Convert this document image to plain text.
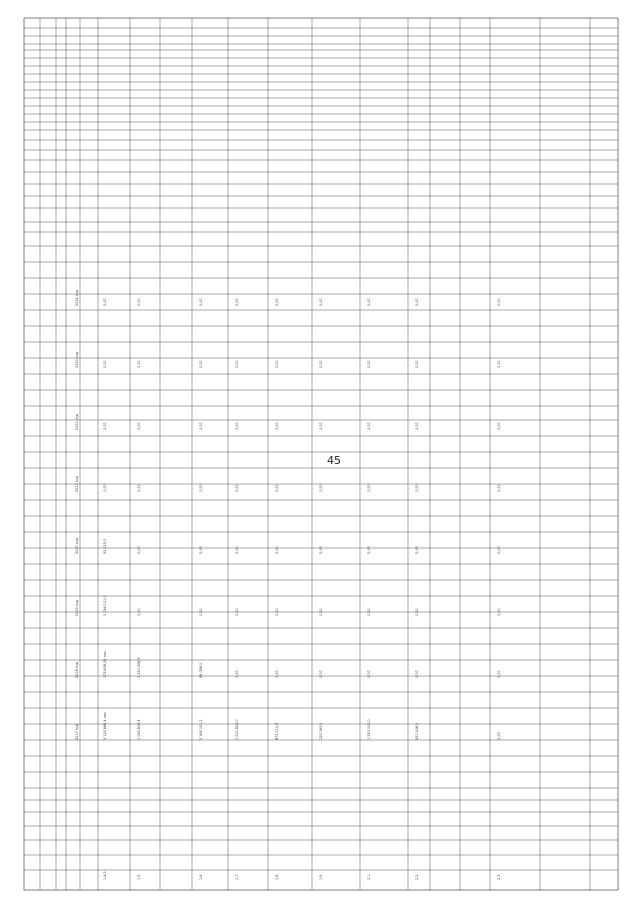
45
1.4.2
3 125 888,4 тыс.
173 808,35 тыс.
2 156 101,0
52 125,0
0,00
0,00
0,00
0,00
1.5
1 025 808,4
1 250 308,5
0,00
0,00
0,00
0,00
0,00
0,00
1.6
2 185 001,2
45 088,0
0,00
0,00
0,00
0,00
0,00
0,00
1.7
1 022 804,0
0,00
0,00
0,00
0,00
0,00
0,00
0,00
1.8
875 112,5
0,00
0,00
0,00
0,00
0,00
0,00
0,00
1.9
125 080,0
0,00
0,00
0,00
0,00
0,00
0,00
0,00
2.1
1 250 000,0
0,00
0,00
0,00
0,00
0,00
0,00
0,00
2.2
521 408,0
0,00
0,00
0,00
0,00
0,00
0,00
0,00
2.3
0,00
0,00
0,00
0,00
0,00
0,00
0,00
0,00
2017 год
2018 год
2019 год
2020 год
2021 год
2022 год
2023 год
2024 год
